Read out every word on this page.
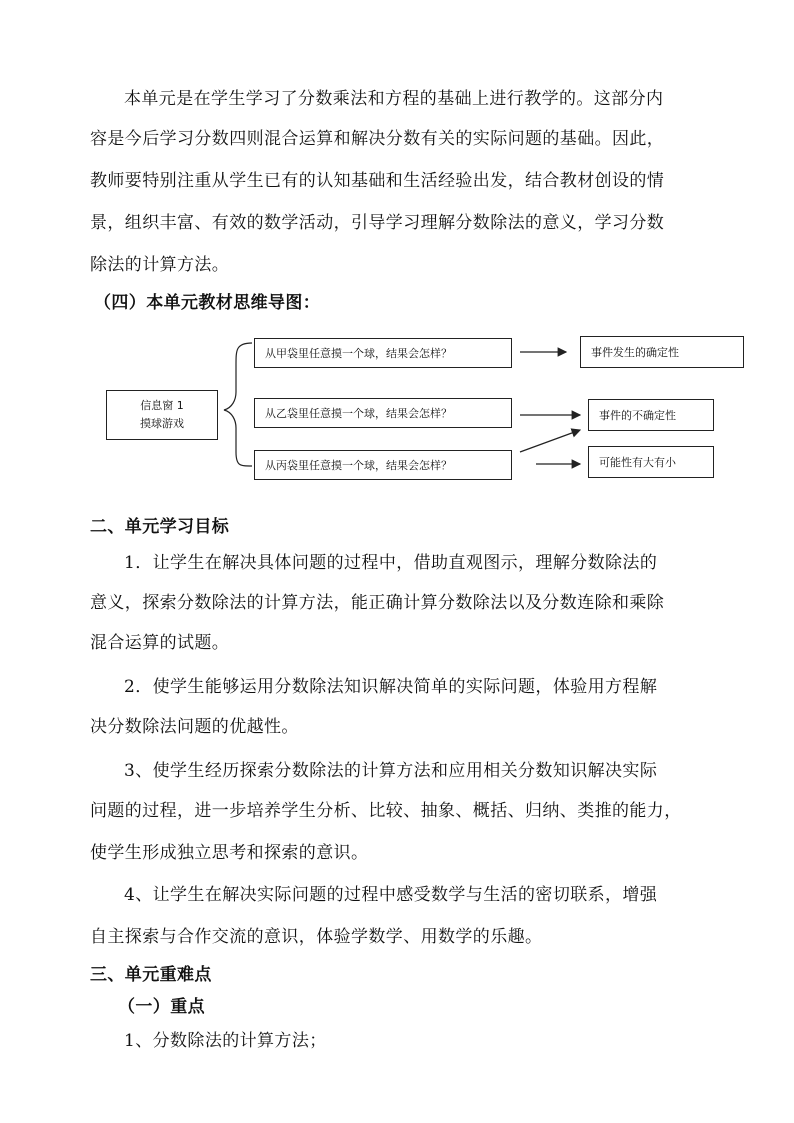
本单元是在学生学习了分数乘法和方程的基础上进行教学的。这部分内
容是今后学习分数四则混合运算和解决分数有关的实际问题的基础。因此，
教师要特别注重从学生已有的认知基础和生活经验出发，结合教材创设的情
景，组织丰富、有效的数学活动，引导学习理解分数除法的意义，学习分数
除法的计算方法。
（四）本单元教材思维导图：
信息窗 1
摸球游戏
从甲袋里任意摸一个球，结果会怎样？
从乙袋里任意摸一个球，结果会怎样？
从丙袋里任意摸一个球，结果会怎样？
事件发生的确定性
事件的不确定性
可能性有大有小
二、单元学习目标
1．让学生在解决具体问题的过程中，借助直观图示，理解分数除法的
意义，探索分数除法的计算方法，能正确计算分数除法以及分数连除和乘除
混合运算的试题。
2．使学生能够运用分数除法知识解决简单的实际问题，体验用方程解
决分数除法问题的优越性。
3、使学生经历探索分数除法的计算方法和应用相关分数知识解决实际
问题的过程，进一步培养学生分析、比较、抽象、概括、归纳、类推的能力，
使学生形成独立思考和探索的意识。
4、让学生在解决实际问题的过程中感受数学与生活的密切联系，增强
自主探索与合作交流的意识，体验学数学、用数学的乐趣。
三、单元重难点
（一）重点
1、分数除法的计算方法；
